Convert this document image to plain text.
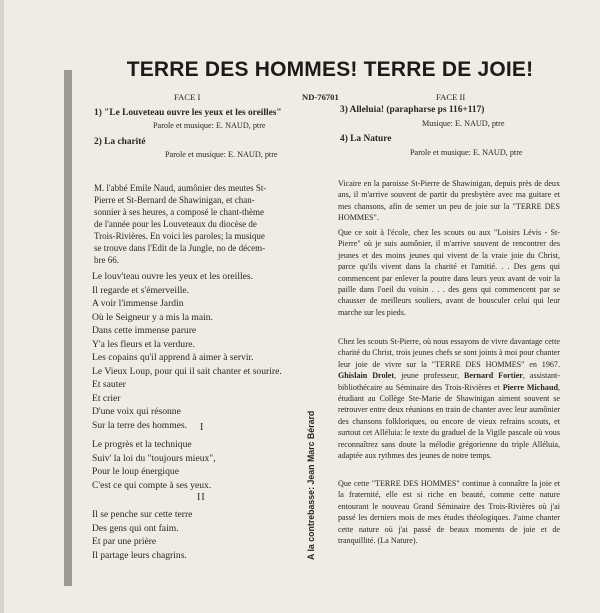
TERRE DES HOMMES! TERRE DE JOIE!
FACE I	ND-76701	FACE II
1) "Le Louveteau ouvre les yeux et les oreilles"
Parole et musique: E. NAUD, ptre
2) La charité
Parole et musique: E. NAUD, ptre
3) Alleluia! (parapharse ps 116+117)
Musique: E. NAUD, ptre
4) La Nature
Parole et musique: E. NAUD, ptre
M. l'abbé Emile Naud, aumônier des meutes St-
Pierre et St-Bernard de Shawinigan, et chan-
sonnier à ses heures, a composé le chant-thème
de l'année pour les Louveteaux du diocèse de
Trois-Rivières. En voici les paroles; la musique
se trouve dans l'Edit de la Jungle, no de décem-
bre 66.
Le louv'teau ouvre les yeux et les oreilles.
Il regarde et s'émerveille.
A voir l'immense Jardin
Où le Seigneur y a mis la main.
Dans cette immense parure
Y'a les fleurs et la verdure.
Les copains qu'il apprend à aimer à servir.
Le Vieux Loup, pour qui il sait chanter et sourire.
Et sauter
Et crier
D'une voix qui résonne
Sur la terre des hommes.	I
Le progrès et la technique
Suiv' la loi du "toujours mieux",
Pour le loup énergique
C'est ce qui compte à ses yeux.
II
Il se penche sur cette terre
Des gens qui ont faim.
Et par une prière
Il partage leurs chagrins.	A la contrebasse: Jean Marc Bérard

Vicaire en la paroisse St-Pierre de Shawinigan, depuis près de deux ans, il m'arrive souvent de partir du presbytère avec ma guitare et mes chansons, afin de semer un peu de joie sur la "TERRE DES HOMMES".

Que ce soit à l'école, chez les scouts ou aux "Loisirs Lévis - St-Pierre" où je suis aumônier, il m'arrive souvent de rencontrer des jeunes et des moins jeunes qui vivent de la vraie joie du Christ, parce qu'ils vivent dans la charité et l'amitié. . . Des gens qui commencent par enlever la poutre dans leurs yeux avant de voir la paille dans l'oeil du voisin . . . des gens qui commencent par se chausser de meilleurs souliers, avant de bousculer celui qui leur marche sur les pieds.

Chez les scouts St-Pierre, où nous essayons de vivre davantage cette charité du Christ, trois jeunes chefs se sont joints à moi pour chanter leur joie de vivre sur la "TERRE DES HOMMES" en 1967. Ghislain Drolet, jeune professeur, Bernard Fortier, assistant-bibliothécaire au Séminaire des Trois-Rivières et Pierre Michaud, étudiant au Collège Ste-Marie de Shawinigan aiment souvent se retrouver entre deux réunions en train de chanter avec leur aumônier des chansons folkloriques, ou encore de vieux refrains scouts, et surtout cet Alléluia: le texte du graduel de la Vigile pascale où vous reconnaîtrez sans doute la mélodie grégorienne du triple Alléluia, adaptée aux rythmes des jeunes de notre temps.

Que cette "TERRE DES HOMMES" continue à connaître la joie et la fraternité, elle est si riche en beauté, comme cette nature entourant le nouveau Grand Séminaire des Trois-Rivières où j'ai passé les derniers mois de mes études théologiques. J'aime chanter cette nature où j'ai passé de beaux moments de joie et de tranquillité. (La Nature).
